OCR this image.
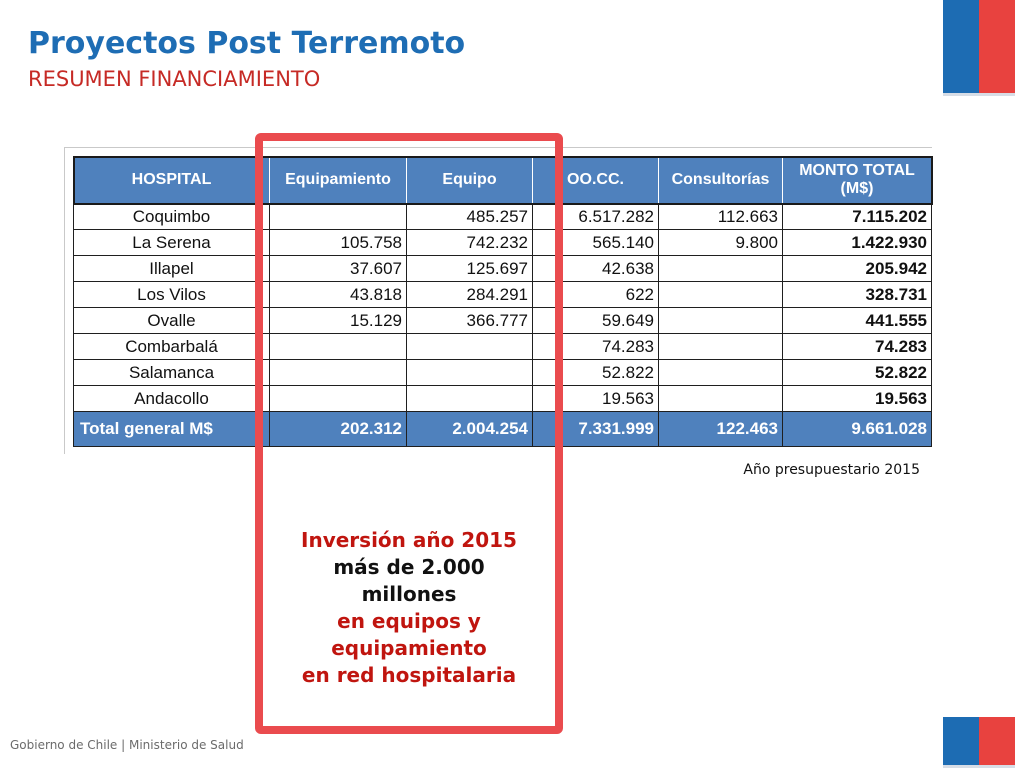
Proyectos Post Terremoto
RESUMEN FINANCIAMIENTO
HOSPITAL	Equipamiento	Equipo	OO.CC.	Consultorías	MONTO TOTAL (M$)
Coquimbo		485.257	6.517.282	112.663	7.115.202
La Serena	105.758	742.232	565.140	9.800	1.422.930
Illapel	37.607	125.697	42.638		205.942
Los Vilos	43.818	284.291	622		328.731
Ovalle	15.129	366.777	59.649		441.555
Combarbalá			74.283		74.283
Salamanca			52.822		52.822
Andacollo			19.563		19.563
Total general M$	202.312	2.004.254	7.331.999	122.463	9.661.028
Año presupuestario 2015
Inversión año 2015
más de 2.000
millones
en equipos y
equipamiento
en red hospitalaria
Gobierno de Chile | Ministerio de Salud
